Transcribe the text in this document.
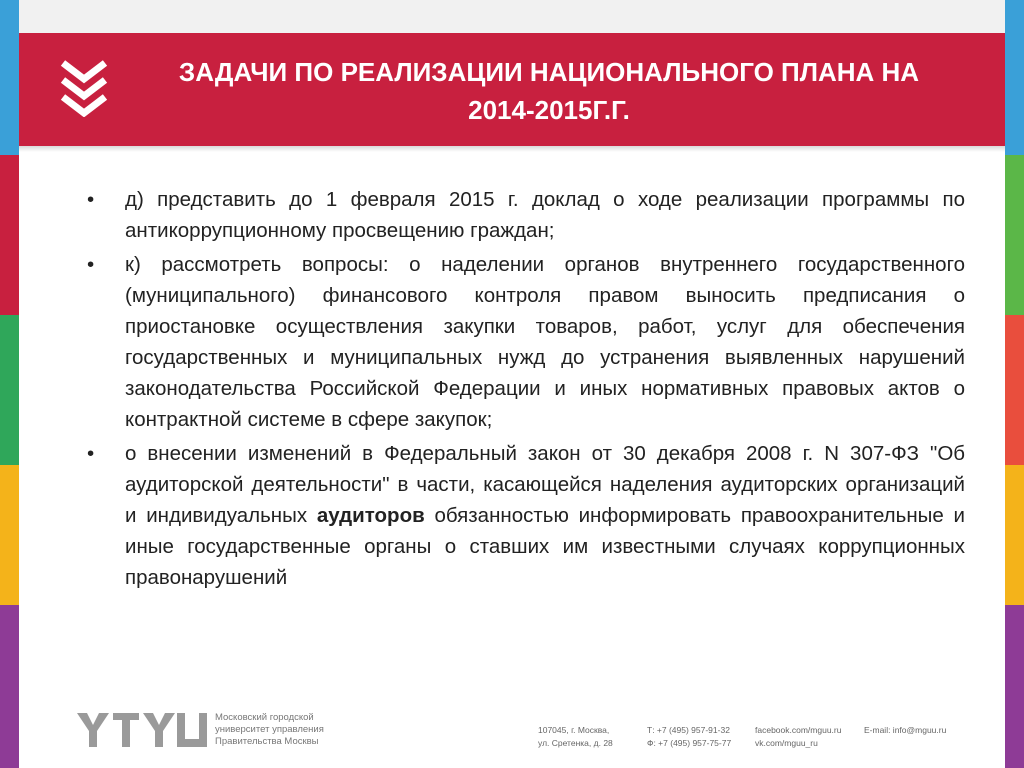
ЗАДАЧИ ПО РЕАЛИЗАЦИИ НАЦИОНАЛЬНОГО ПЛАНА НА
2014-2015Г.Г.
• д) представить до 1 февраля 2015 г. доклад о ходе реализации программы по антикоррупционному просвещению граждан;
• к) рассмотреть вопросы: о наделении органов внутреннего государственного (муниципального) финансового контроля правом выносить предписания о приостановке осуществления закупки товаров, работ, услуг для обеспечения государственных и муниципальных нужд до устранения выявленных нарушений законодательства Российской Федерации и иных нормативных правовых актов о контрактной системе в сфере закупок;
• о внесении изменений в Федеральный закон от 30 декабря 2008 г. N 307-ФЗ "Об аудиторской деятельности" в части, касающейся наделения аудиторских организаций и индивидуальных аудиторов обязанностью информировать правоохранительные и иные государственные органы о ставших им известными случаях коррупционных правонарушений
Московский городской
университет управления
Правительства Москвы
107045, г. Москва,
ул. Сретенка, д. 28
Т: +7 (495) 957-91-32
Ф: +7 (495) 957-75-77
facebook.com/mguu.ru
vk.com/mguu_ru
E-mail: info@mguu.ru
